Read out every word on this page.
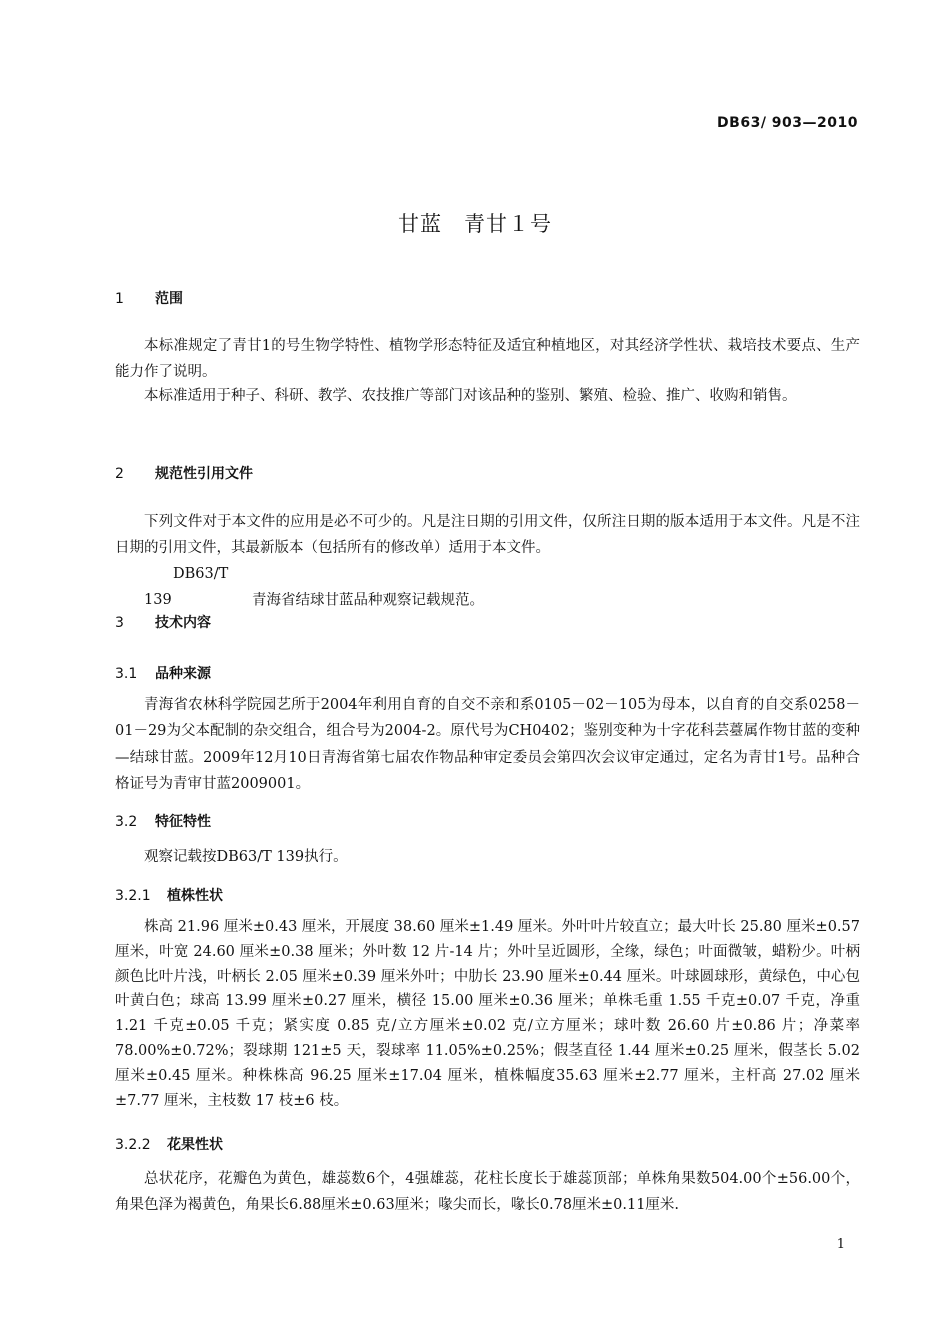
DB63/ 903—2010
甘蓝　青甘１号
1 范围
本标准规定了青甘1的号生物学特性、植物学形态特征及适宜种植地区，对其经济学性状、栽培技术要点、生产能力作了说明。
本标准适用于种子、科研、教学、农技推广等部门对该品种的鉴别、繁殖、检验、推广、收购和销售。
2 规范性引用文件
下列文件对于本文件的应用是必不可少的。凡是注日期的引用文件，仅所注日期的版本适用于本文件。凡是不注日期的引用文件，其最新版本（包括所有的修改单）适用于本文件。
DB63/T 139	青海省结球甘蓝品种观察记载规范。
3 技术内容
3.1 品种来源
青海省农林科学院园艺所于2004年利用自育的自交不亲和系0105－02－105为母本，以自育的自交系0258－01－29为父本配制的杂交组合，组合号为2004-2。原代号为CH0402；鉴别变种为十字花科芸薹属作物甘蓝的变种—结球甘蓝。2009年12月10日青海省第七届农作物品种审定委员会第四次会议审定通过，定名为青甘1号。品种合格证号为青审甘蓝2009001。
3.2 特征特性
观察记载按DB63/T 139执行。
3.2.1 植株性状
株高 21.96 厘米±0.43 厘米，开展度 38.60 厘米±1.49 厘米。外叶叶片较直立；最大叶长 25.80 厘米±0.57 厘米，叶宽 24.60 厘米±0.38 厘米；外叶数 12 片-14 片；外叶呈近圆形，全缘，绿色；叶面微皱，蜡粉少。叶柄颜色比叶片浅，叶柄长 2.05 厘米±0.39 厘米外叶；中肋长 23.90 厘米±0.44 厘米。叶球圆球形，黄绿色，中心包叶黄白色；球高 13.99 厘米±0.27 厘米，横径 15.00 厘米±0.36 厘米；单株毛重 1.55 千克±0.07 千克，净重 1.21 千克±0.05 千克；紧实度 0.85 克/立方厘米±0.02 克/立方厘米；球叶数 26.60 片±0.86 片；净菜率 78.00%±0.72%；裂球期 121±5 天，裂球率 11.05%±0.25%；假茎直径 1.44 厘米±0.25 厘米，假茎长 5.02 厘米±0.45 厘米。种株株高 96.25 厘米±17.04 厘米，植株幅度35.63 厘米±2.77 厘米，主杆高 27.02 厘米±7.77 厘米，主枝数 17 枝±6 枝。
3.2.2 花果性状
总状花序，花瓣色为黄色，雄蕊数6个，4强雄蕊，花柱长度长于雄蕊顶部；单株角果数504.00个±56.00个，角果色泽为褐黄色，角果长6.88厘米±0.63厘米；喙尖而长，喙长0.78厘米±0.11厘米.
1
